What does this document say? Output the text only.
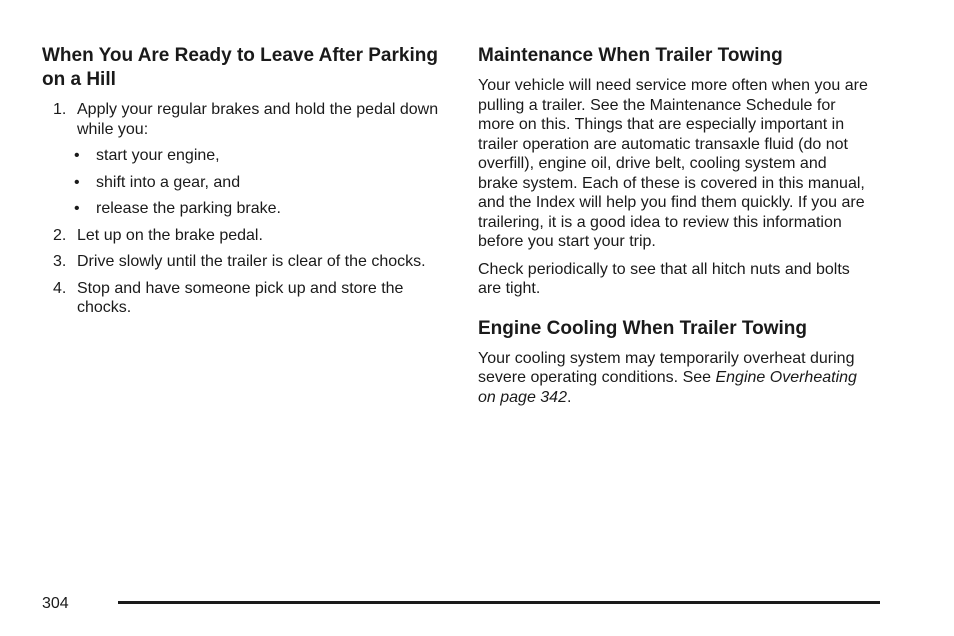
When You Are Ready to Leave After Parking on a Hill
1. Apply your regular brakes and hold the pedal down while you:
• start your engine,
• shift into a gear, and
• release the parking brake.
2. Let up on the brake pedal.
3. Drive slowly until the trailer is clear of the chocks.
4. Stop and have someone pick up and store the chocks.
Maintenance When Trailer Towing

Your vehicle will need service more often when you are pulling a trailer. See the Maintenance Schedule for more on this. Things that are especially important in trailer operation are automatic transaxle fluid (do not overfill), engine oil, drive belt, cooling system and brake system. Each of these is covered in this manual, and the Index will help you find them quickly. If you are trailering, it is a good idea to review this information before you start your trip.

Check periodically to see that all hitch nuts and bolts are tight.

Engine Cooling When Trailer Towing

Your cooling system may temporarily overheat during severe operating conditions. See Engine Overheating on page 342.

304
